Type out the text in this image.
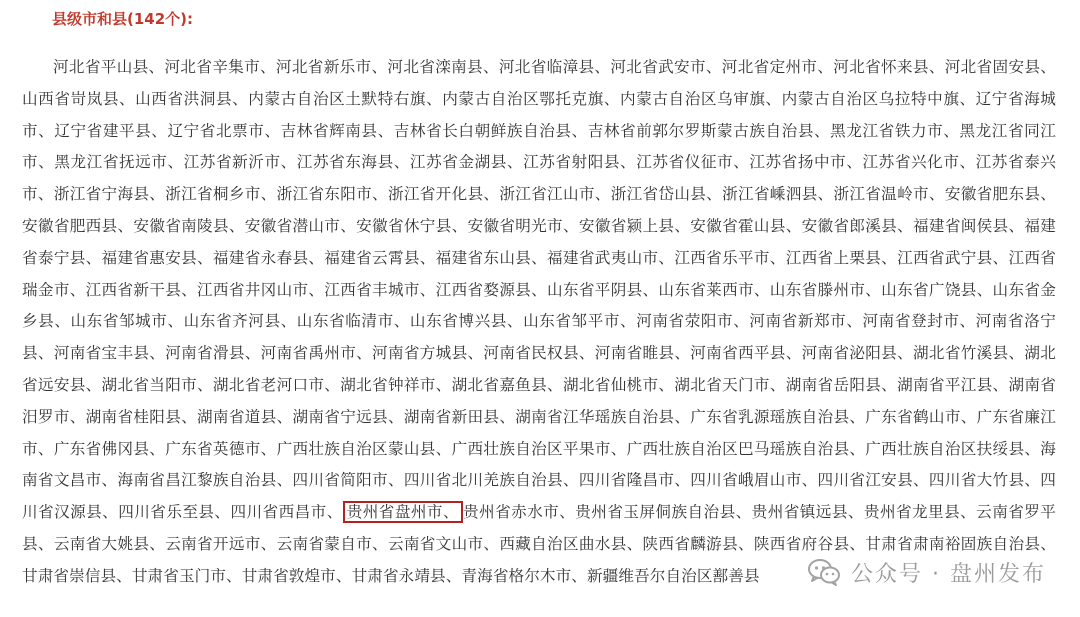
县级市和县(142个):
河北省平山县、河北省辛集市、河北省新乐市、河北省滦南县、河北省临漳县、河北省武安市、河北省定州市、河北省怀来县、河北省固安县、山西省岢岚县、山西省洪洞县、内蒙古自治区土默特右旗、内蒙古自治区鄂托克旗、内蒙古自治区乌审旗、内蒙古自治区乌拉特中旗、辽宁省海城市、辽宁省建平县、辽宁省北票市、吉林省辉南县、吉林省长白朝鲜族自治县、吉林省前郭尔罗斯蒙古族自治县、黑龙江省铁力市、黑龙江省同江市、黑龙江省抚远市、江苏省新沂市、江苏省东海县、江苏省金湖县、江苏省射阳县、江苏省仪征市、江苏省扬中市、江苏省兴化市、江苏省泰兴市、浙江省宁海县、浙江省桐乡市、浙江省东阳市、浙江省开化县、浙江省江山市、浙江省岱山县、浙江省嵊泗县、浙江省温岭市、安徽省肥东县、安徽省肥西县、安徽省南陵县、安徽省潜山市、安徽省休宁县、安徽省明光市、安徽省颍上县、安徽省霍山县、安徽省郎溪县、福建省闽侯县、福建省泰宁县、福建省惠安县、福建省永春县、福建省云霄县、福建省东山县、福建省武夷山市、江西省乐平市、江西省上栗县、江西省武宁县、江西省瑞金市、江西省新干县、江西省井冈山市、江西省丰城市、江西省婺源县、山东省平阴县、山东省莱西市、山东省滕州市、山东省广饶县、山东省金乡县、山东省邹城市、山东省齐河县、山东省临清市、山东省博兴县、山东省邹平市、河南省荥阳市、河南省新郑市、河南省登封市、河南省洛宁县、河南省宝丰县、河南省滑县、河南省禹州市、河南省方城县、河南省民权县、河南省睢县、河南省西平县、河南省泌阳县、湖北省竹溪县、湖北省远安县、湖北省当阳市、湖北省老河口市、湖北省钟祥市、湖北省嘉鱼县、湖北省仙桃市、湖北省天门市、湖南省岳阳县、湖南省平江县、湖南省汨罗市、湖南省桂阳县、湖南省道县、湖南省宁远县、湖南省新田县、湖南省江华瑶族自治县、广东省乳源瑶族自治县、广东省鹤山市、广东省廉江市、广东省佛冈县、广东省英德市、广西壮族自治区蒙山县、广西壮族自治区平果市、广西壮族自治区巴马瑶族自治县、广西壮族自治区扶绥县、海南省文昌市、海南省昌江黎族自治县、四川省简阳市、四川省北川羌族自治县、四川省隆昌市、四川省峨眉山市、四川省江安县、四川省大竹县、四川省汉源县、四川省乐至县、四川省西昌市、 贵州省盘州市、 贵州省赤水市、贵州省玉屏侗族自治县、贵州省镇远县、贵州省龙里县、云南省罗平县、云南省大姚县、云南省开远市、云南省蒙自市、云南省文山市、西藏自治区曲水县、陕西省麟游县、陕西省府谷县、甘肃省肃南裕固族自治县、甘肃省崇信县、甘肃省玉门市、甘肃省敦煌市、甘肃省永靖县、青海省格尔木市、新疆维吾尔自治区鄯善县	公众号 · 盘州发布
